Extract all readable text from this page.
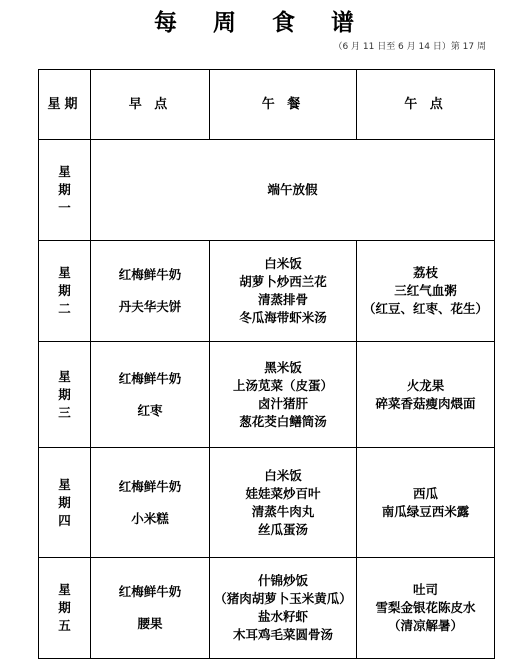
每 周 食 谱
（6 月 11 日至 6 月 14 日）第 17 周
星期	早 点	午 餐	午 点

星
期
一	端午放假		

星
期
二	红梅鲜牛奶
丹夫华夫饼	白米饭
胡萝卜炒西兰花
清蒸排骨
冬瓜海带虾米汤	荔枝
三红气血粥
（红豆、红枣、花生）

星
期
三	红梅鲜牛奶
红枣	黑米饭
上汤苋菜（皮蛋）
卤汁猪肝
葱花茭白鳝筒汤	火龙果
碎菜香菇瘦肉煨面

星
期
四	红梅鲜牛奶
小米糕	白米饭
娃娃菜炒百叶
清蒸牛肉丸
丝瓜蛋汤	西瓜
南瓜绿豆西米露

星
期
五	红梅鲜牛奶
腰果	什锦炒饭
（猪肉胡萝卜玉米黄瓜）
盐水籽虾
木耳鸡毛菜圆骨汤	吐司
雪梨金银花陈皮水
（清凉解暑）
